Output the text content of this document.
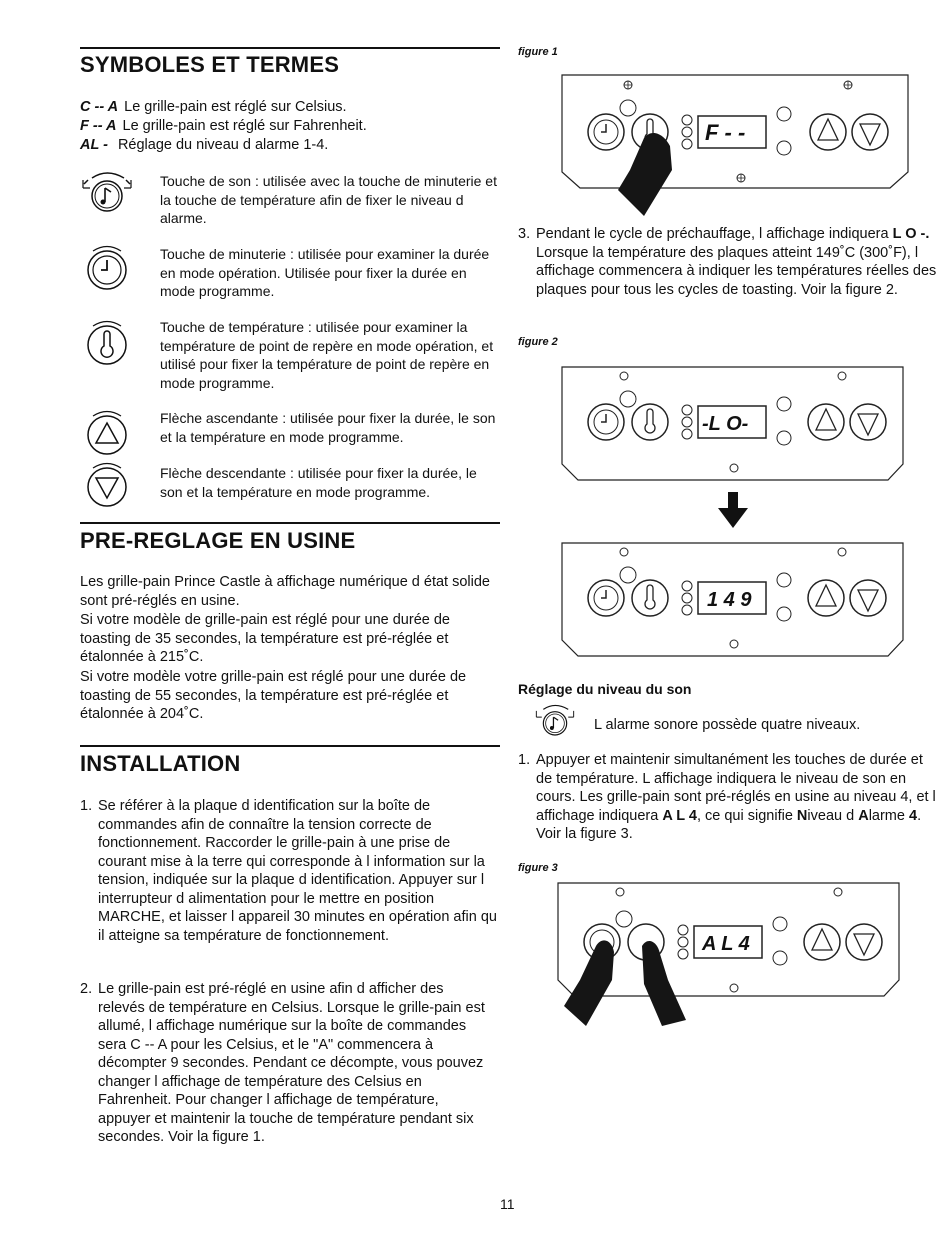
SYMBOLES ET TERMES
C -- A Le grille-pain est réglé sur Celsius.
F -- A Le grille-pain est réglé sur Fahrenheit.
AL - Réglage du niveau d alarme 1-4.
Touche de son : utilisée avec la touche de minuterie et la touche de température afin de fixer le niveau d alarme.
Touche de minuterie : utilisée pour examiner la durée en mode opération. Utilisée pour fixer la durée en mode programme.
Touche de température : utilisée pour examiner la température de point de repère en mode opération, et utilisé pour fixer la température de point de repère en mode programme.
Flèche ascendante : utilisée pour fixer la durée, le son et la température en mode programme.
Flèche descendante : utilisée pour fixer la durée, le son et la température en mode programme.
PRE-REGLAGE EN USINE
Les grille-pain Prince Castle à affichage numérique d état solide sont pré-réglés en usine.
Si votre modèle de grille-pain est réglé pour une durée de toasting de 35 secondes, la température est pré-réglée et étalonnée à 215˚C.
Si votre modèle votre grille-pain est réglé pour une durée de toasting de 55 secondes, la température est pré-réglée et étalonnée à 204˚C.
INSTALLATION
1. Se référer à la plaque d identification sur la boîte de commandes afin de connaître la tension correcte de fonctionnement. Raccorder le grille-pain à une prise de courant mise à la terre qui corresponde à l information sur la tension, indiquée sur la plaque d identification. Appuyer sur l interrupteur d alimentation pour le mettre en position MARCHE, et laisser l appareil 30 minutes en opération afin qu il atteigne sa température de fonctionnement.
2. Le grille-pain est pré-réglé en usine afin d afficher des relevés de température en Celsius. Lorsque le grille-pain est allumé, l affichage numérique sur la boîte de commandes sera C -- A pour les Celsius, et le "A" commencera à décompter 9 secondes. Pendant ce décompte, vous pouvez changer l affichage de température des Celsius en Fahrenheit. Pour changer l affichage de température, appuyer et maintenir la touche de température pendant six secondes. Voir la figure 1.
figure 1
F - -
3. Pendant le cycle de préchauffage, l affichage indiquera L O -. Lorsque la température des plaques atteint 149˚C (300˚F), l affichage commencera à indiquer les températures réelles des plaques pour tous les cycles de toasting. Voir la figure 2.
figure 2
-L O-
1 4 9
Réglage du niveau du son
L alarme sonore possède quatre niveaux.
1. Appuyer et maintenir simultanément les touches de durée et de température. L affichage indiquera le niveau de son en cours. Les grille-pain sont pré-réglés en usine au niveau 4, et l affichage indiquera A L 4, ce qui signifie Niveau d Alarme 4. Voir la figure 3.
figure 3
A L 4
11
